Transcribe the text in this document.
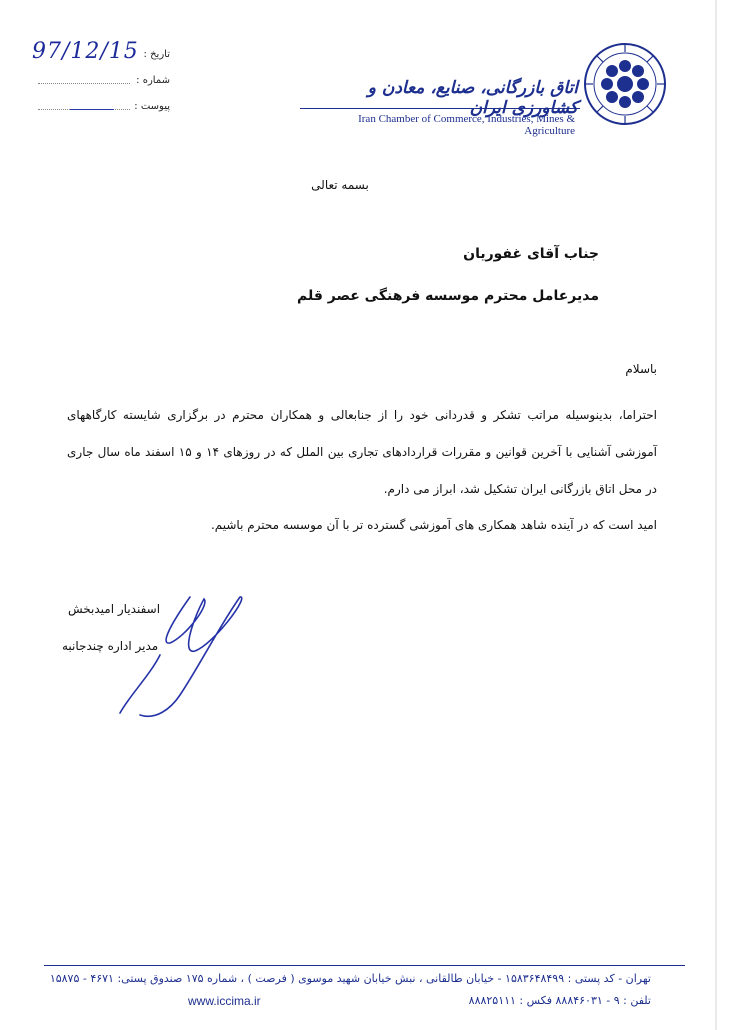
97/12/15 تاریخ :
شماره :
پیوست :
اتاق بازرگانی، صنایع، معادن و کشاورزی ایران
Iran Chamber of Commerce, Industries, Mines & Agriculture
بسمه تعالی
جناب آقای غفوریان
مدیرعامل محترم موسسه فرهنگی عصر قلم
باسلام
احتراما، بدینوسیله مراتب تشکر و قدردانی خود را از جنابعالی و همکاران محترم در برگزاری شایسته کارگاههای آموزشی آشنایی با آخرین قوانین و مقررات قراردادهای تجاری بین الملل که در روزهای ۱۴ و ۱۵ اسفند ماه سال جاری در محل اتاق بازرگانی ایران تشکیل شد، ابراز می دارم.
امید است که در آینده شاهد همکاری های آموزشی گسترده تر با آن موسسه محترم باشیم.
اسفندیار امیدبخش
مدیر اداره چندجانبه
تهران - کد پستی : ۱۵۸۳۶۴۸۴۹۹ - خیابان طالقانی ، نبش خیابان شهید موسوی ( فرصت ) ، شماره ۱۷۵ صندوق پستی: ۴۶۷۱ - ۱۵۸۷۵
تلفن : ۹ - ۸۸۸۴۶۰۳۱ فکس : ۸۸۸۲۵۱۱۱
www.iccima.ir
